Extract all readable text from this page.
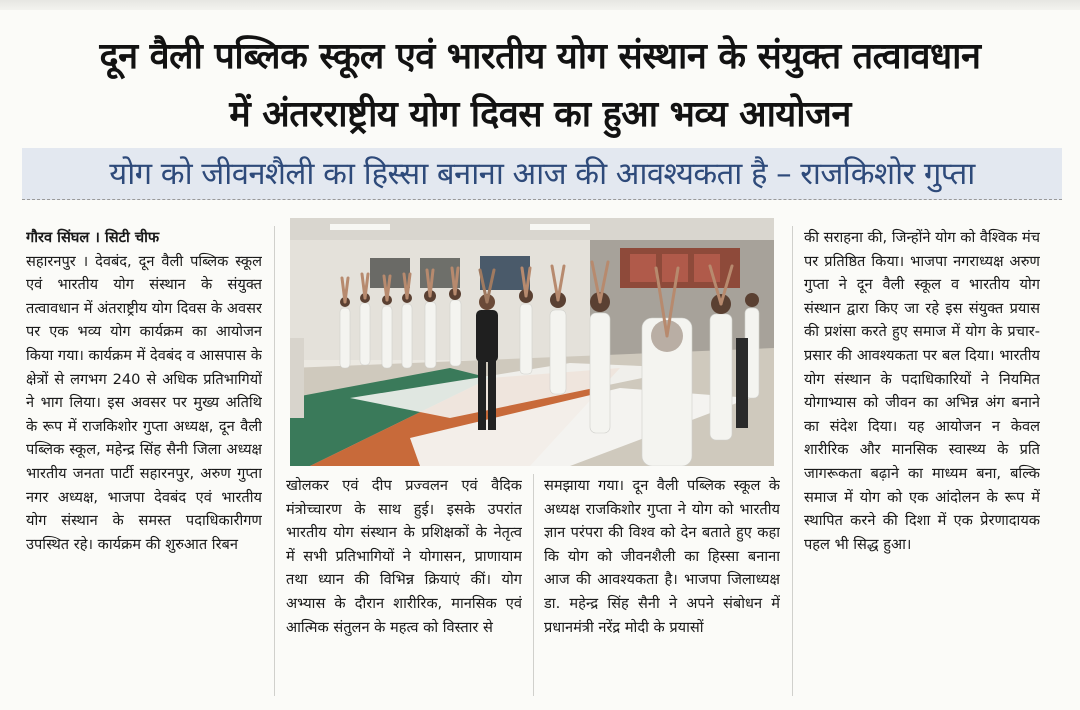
दून वैली पब्लिक स्कूल एवं भारतीय योग संस्थान के संयुक्त तत्वावधान
में अंतरराष्ट्रीय योग दिवस का हुआ भव्य आयोजन
योग को जीवनशैली का हिस्सा बनाना आज की आवश्यकता है – राजकिशोर गुप्ता
गौरव सिंघल । सिटी चीफ
सहारनपुर । देवबंद, दून वैली पब्लिक स्कूल एवं भारतीय योग संस्थान के संयुक्त तत्वावधान में अंतराष्ट्रीय योग दिवस के अवसर पर एक भव्य योग कार्यक्रम का आयोजन किया गया। कार्यक्रम में देवबंद व आसपास के क्षेत्रों से लगभग 240 से अधिक प्रतिभागियों ने भाग लिया। इस अवसर पर मुख्य अतिथि के रूप में राजकिशोर गुप्ता अध्यक्ष, दून वैली पब्लिक स्कूल, महेन्द्र सिंह सैनी जिला अध्यक्ष भारतीय जनता पार्टी सहारनपुर, अरुण गुप्ता नगर अध्यक्ष, भाजपा देवबंद एवं भारतीय योग संस्थान के समस्त पदाधिकारीगण उपस्थित रहे। कार्यक्रम की शुरुआत रिबन
खोलकर एवं दीप प्रज्वलन एवं वैदिक मंत्रोच्चारण के साथ हुई। इसके उपरांत भारतीय योग संस्थान के प्रशिक्षकों के नेतृत्व में सभी प्रतिभागियों ने योगासन, प्राणायाम तथा ध्यान की विभिन्न क्रियाएं कीं। योग अभ्यास के दौरान शारीरिक, मानसिक एवं आत्मिक संतुलन के महत्व को विस्तार से
समझाया गया। दून वैली पब्लिक स्कूल के अध्यक्ष राजकिशोर गुप्ता ने योग को भारतीय ज्ञान परंपरा की विश्व को देन बताते हुए कहा कि योग को जीवनशैली का हिस्सा बनाना आज की आवश्यकता है। भाजपा जिलाध्यक्ष डा. महेन्द्र सिंह सैनी ने अपने संबोधन में प्रधानमंत्री नरेंद्र मोदी के प्रयासों
की सराहना की, जिन्होंने योग को वैश्विक मंच पर प्रतिष्ठित किया। भाजपा नगराध्यक्ष अरुण गुप्ता ने दून वैली स्कूल व भारतीय योग संस्थान द्वारा किए जा रहे इस संयुक्त प्रयास की प्रशंसा करते हुए समाज में योग के प्रचार-प्रसार की आवश्यकता पर बल दिया। भारतीय योग संस्थान के पदाधिकारियों ने नियमित योगाभ्यास को जीवन का अभिन्न अंग बनाने का संदेश दिया। यह आयोजन न केवल शारीरिक और मानसिक स्वास्थ्य के प्रति जागरूकता बढ़ाने का माध्यम बना, बल्कि समाज में योग को एक आंदोलन के रूप में स्थापित करने की दिशा में एक प्रेरणादायक पहल भी सिद्ध हुआ।
